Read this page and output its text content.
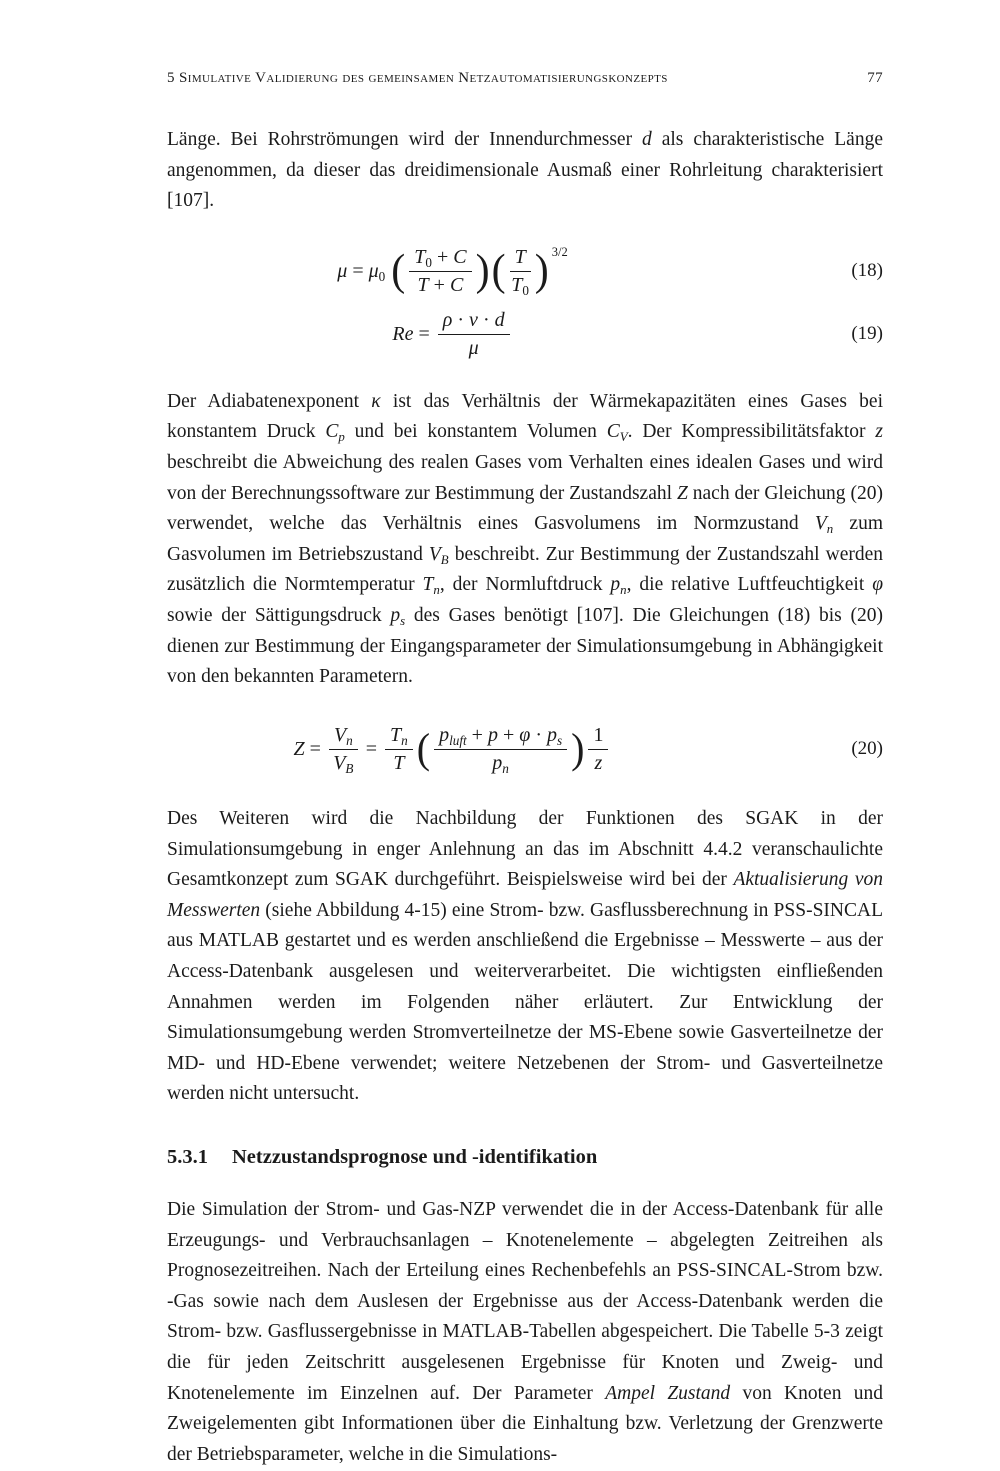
5 Simulative Validierung des gemeinsamen Netzautomatisierungskonzepts	77

Länge. Bei Rohrströmungen wird der Innendurchmesser d als charakteristische Länge angenommen, da dieser das dreidimensionale Ausmaß einer Rohrleitung charakterisiert [107].

μ = μ0 ( $\frac{T0 + C}{T + C}$ ) ( $\frac{T}{T0}$ ) 3/2
(18)
$Re = \frac{\rho \cdot v \cdot d}{\mu}$	(19)

Der Adiabatenexponent κ ist das Verhältnis der Wärmekapazitäten eines Gases bei konstantem Druck Cp und bei konstantem Volumen CV. Der Kompressibilitätsfaktor z beschreibt die Abweichung des realen Gases vom Verhalten eines idealen Gases und wird von der Berechnungssoftware zur Bestimmung der Zustandszahl Z nach der Gleichung (20) verwendet, welche das Verhältnis eines Gasvolumens im Normzustand Vn zum Gasvolumen im Betriebszustand VB beschreibt. Zur Bestimmung der Zustandszahl werden zusätzlich die Normtemperatur Tn, der Normluftdruck pn, die relative Luftfeuchtigkeit φ sowie der Sättigungsdruck ps des Gases benötigt [107]. Die Gleichungen (18) bis (20) dienen zur Bestimmung der Eingangsparameter der Simulationsumgebung in Abhängigkeit von den bekannten Parametern.

$Z = \frac{Vn}{VB} = \frac{Tn}{T}$ ( $\frac{\text{pluft + p + φ · ps}}{pn}$ ) $\frac{1}{z}$	(20)

Des Weiteren wird die Nachbildung der Funktionen des SGAK in der Simulationsumgebung in enger Anlehnung an das im Abschnitt 4.4.2 veranschaulichte Gesamtkonzept zum SGAK durchgeführt. Beispielsweise wird bei der Aktualisierung von Messwerten (siehe Abbildung 4-15) eine Strom- bzw. Gasflussberechnung in PSS-SINCAL aus MATLAB gestartet und es werden anschließend die Ergebnisse – Messwerte – aus der Access-Datenbank ausgelesen und weiterverarbeitet. Die wichtigsten einfließenden Annahmen werden im Folgenden näher erläutert. Zur Entwicklung der Simulationsumgebung werden Stromverteilnetze der MS-Ebene sowie Gasverteilnetze der MD- und HD-Ebene verwendet; weitere Netzebenen der Strom- und Gasverteilnetze werden nicht untersucht.

5.3.1	Netzzustandsprognose und -identifikation

Die Simulation der Strom- und Gas-NZP verwendet die in der Access-Datenbank für alle Erzeugungs- und Verbrauchsanlagen – Knotenelemente – abgelegten Zeitreihen als Prognosezeitreihen. Nach der Erteilung eines Rechenbefehls an PSS-SINCAL-Strom bzw. -Gas sowie nach dem Auslesen der Ergebnisse aus der Access-Datenbank werden die Strom- bzw. Gasflussergebnisse in MATLAB-Tabellen abgespeichert. Die Tabelle 5-3 zeigt die für jeden Zeitschritt ausgelesenen Ergebnisse für Knoten und Zweig- und Knotenelemente im Einzelnen auf. Der Parameter Ampel Zustand von Knoten und Zweigelementen gibt Informationen über die Einhaltung bzw. Verletzung der Grenzwerte der Betriebsparameter, welche in die Simulations-
